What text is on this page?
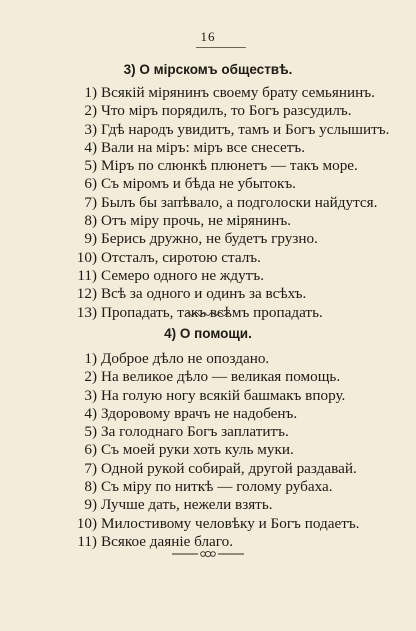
16
3) О мірскомъ обществѣ.
1) Всякій мірянинъ своему брату семьянинъ.
2) Что міръ порядилъ, то Богъ разсудилъ.
3) Гдѣ народъ увидитъ, тамъ и Богъ услышитъ.
4) Вали на міръ: міръ все снесетъ.
5) Міръ по слюнкѣ плюнетъ — такъ море.
6) Съ міромъ и бѣда не убытокъ.
7) Былъ бы запѣвало, а подголоски найдутся.
8) Отъ міру прочь, не мірянинъ.
9) Берись дружно, не будетъ грузно.
10) Отсталъ, сиротою сталъ.
11) Семеро одного не ждутъ.
12) Всѣ за одного и одинъ за всѣхъ.
13) Пропадать, такъ всѣмъ пропадать.
4) О помощи.
1) Доброе дѣло не опоздано.
2) На великое дѣло — великая помощь.
3) На голую ногу всякій башмакъ впору.
4) Здоровому врачъ не надобенъ.
5) За голоднаго Богъ заплатитъ.
6) Съ моей руки хоть куль муки.
7) Одной рукой собирай, другой раздавай.
8) Съ міру по ниткѣ — голому рубаха.
9) Лучше дать, нежели взять.
10) Милостивому человѣку и Богъ подаетъ.
11) Всякое даяніе благо.
